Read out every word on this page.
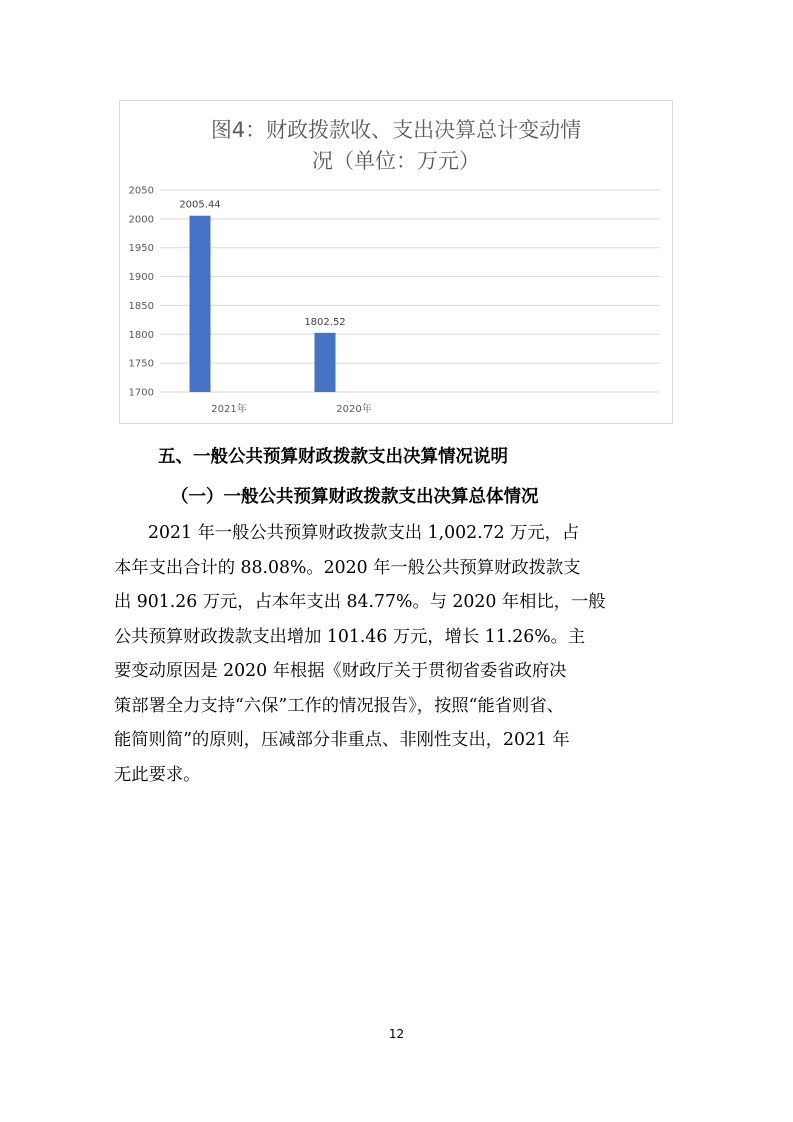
图4：财政拨款收、支出决算总计变动情
况（单位：万元）
1700
1750
1800
1850
1900
1950
2000
2050
2005.44
2021年
1802.52
2020年
五、一般公共预算财政拨款支出决算情况说明
（一）一般公共预算财政拨款支出决算总体情况
2021 年一般公共预算财政拨款支出 1,002.72 万元，占
本年支出合计的 88.08%。2020 年一般公共预算财政拨款支
出 901.26 万元，占本年支出 84.77%。与 2020 年相比，一般
公共预算财政拨款支出增加 101.46 万元，增长 11.26%。主
要变动原因是 2020 年根据《财政厅关于贯彻省委省政府决
策部署全力支持“六保”工作的情况报告》，按照“能省则省、
能简则简”的原则，压减部分非重点、非刚性支出，2021 年
无此要求。
12
